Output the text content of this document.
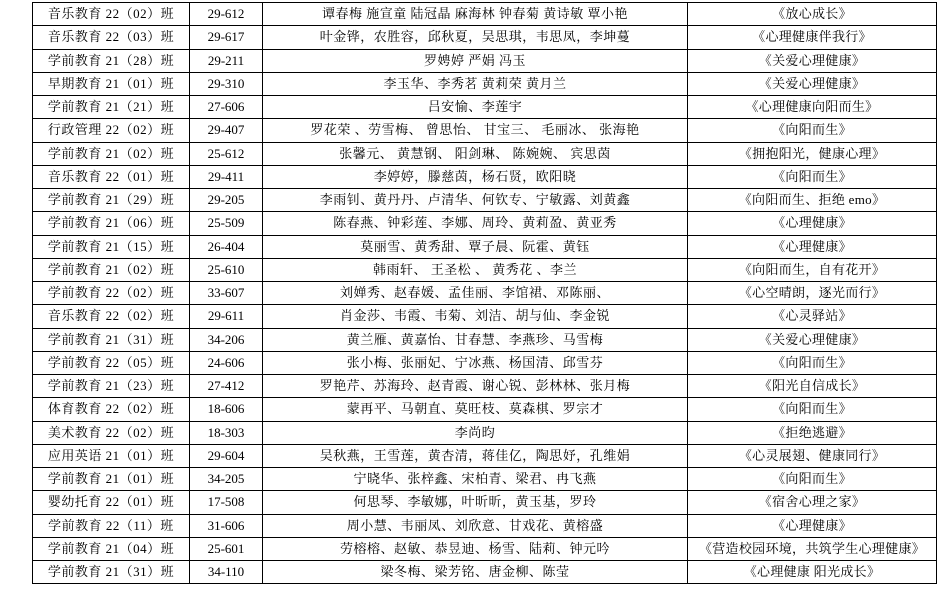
音乐教育 22（02）班	29-612	谭春梅 施宣童 陆冠晶 麻海林 钟春菊 黄诗敏 覃小艳	《放心成长》
音乐教育 22（03）班	29-617	叶金铧，农胜容，邱秋夏，吴思琪，韦思凤，李坤蔓	《心理健康伴我行》
学前教育 21（28）班	29-211	罗娉婷 严娟 冯玉	《关爱心理健康》
早期教育 21（01）班	29-310	李玉华、李秀茗 黄莉荣 黄月兰	《关爱心理健康》
学前教育 21（21）班	27-606	吕安愉、李莲宇	《心理健康向阳而生》
行政管理 22（02）班	29-407	罗花荣 、劳雪梅、 曾思怡、 甘宝三、 毛丽冰、 张海艳	《向阳而生》
学前教育 21（02）班	25-612	张馨元、 黄慧钢、 阳剑琳、 陈婉婉、 宾思茵	《拥抱阳光，健康心理》
音乐教育 22（01）班	29-411	李婷婷，滕慈茵，杨石贤，欧阳晓	《向阳而生》
学前教育 21（29）班	29-205	李雨钊、黄丹丹、卢清华、何钦专、宁敏露、刘黄鑫	《向阳而生、拒绝 emo》
学前教育 21（06）班	25-509	陈春燕、钟彩莲、李娜、周玲、黄莉盈、黄亚秀	《心理健康》
学前教育 21（15）班	26-404	莫丽雪、黄秀甜、覃子晨、阮霍、黄钰	《心理健康》
学前教育 21（02）班	25-610	韩雨轩、 王圣松 、 黄秀花 、李兰	《向阳而生，自有花开》
学前教育 22（02）班	33-607	刘婵秀、赵春媛、孟佳丽、李馆裙、邓陈丽、	《心空晴朗，逐光而行》
音乐教育 22（02）班	29-611	肖金莎、韦霞、韦菊、刘洁、胡与仙、李金锐	《心灵驿站》
学前教育 21（31）班	34-206	黄兰雁、黄嘉怡、甘春慧、李燕珍、马雪梅	《关爱心理健康》
学前教育 22（05）班	24-606	张小梅、张丽妃、宁冰燕、杨国清、邱雪芬	《向阳而生》
学前教育 21（23）班	27-412	罗艳芹、苏海玲、赵青霞、谢心锐、彭林林、张月梅	《阳光自信成长》
体育教育 22（02）班	18-606	蒙再平、马朝直、莫旺枝、莫森棋、罗宗才	《向阳而生》
美术教育 22（02）班	18-303	李尚昀	《拒绝逃避》
应用英语 21（01）班	29-604	吴秋燕，王雪莲，黄杏清，蒋佳亿，陶思妤，孔维娟	《心灵展翅、健康同行》
学前教育 21（01）班	34-205	宁晓华、张梓鑫、宋柏青、梁君、冉飞燕	《向阳而生》
婴幼托育 22（01）班	17-508	何思琴、李敏娜，叶昕昕，黄玉基，罗玲	《宿舍心理之家》
学前教育 22（11）班	31-606	周小慧、韦丽凤、刘欣意、甘戏花、黄榕盛	《心理健康》
学前教育 21（04）班	25-601	劳榕榕、赵敏、恭昱迪、杨雪、陆莉、钟元吟	《营造校园环境，共筑学生心理健康》
学前教育 21（31）班	34-110	梁冬梅、梁芳铭、唐金柳、陈莹	《心理健康 阳光成长》
